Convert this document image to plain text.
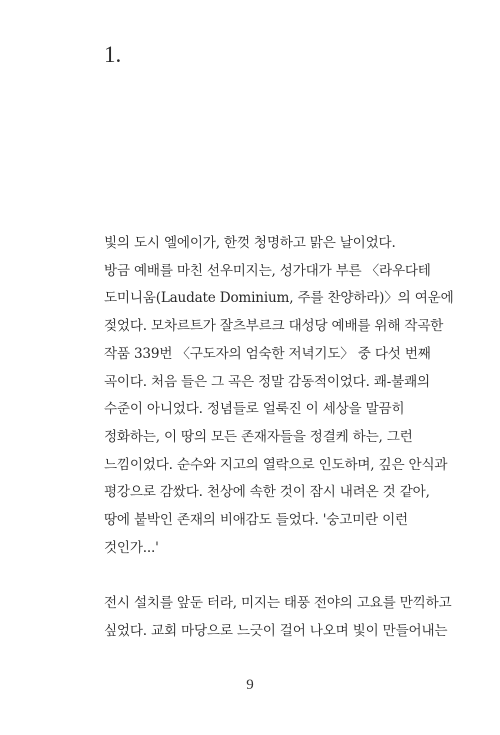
1.
빛의 도시 엘에이가, 한껏 청명하고 맑은 날이었다.
방금 예배를 마친 선우미지는, 성가대가 부른 〈라우다테
도미니움(Laudate Dominium, 주를 찬양하라)〉의 여운에
젖었다. 모차르트가 잘츠부르크 대성당 예배를 위해 작곡한
작품 339번 〈구도자의 엄숙한 저녁기도〉 중 다섯 번째
곡이다. 처음 들은 그 곡은 정말 감동적이었다. 쾌-불쾌의
수준이 아니었다. 정념들로 얼룩진 이 세상을 말끔히
정화하는, 이 땅의 모든 존재자들을 정결케 하는, 그런
느낌이었다. 순수와 지고의 열락으로 인도하며, 깊은 안식과
평강으로 감쌌다. 천상에 속한 것이 잠시 내려온 것 같아,
땅에 붙박인 존재의 비애감도 들었다. '숭고미란 이런
것인가...'
전시 설치를 앞둔 터라, 미지는 태풍 전야의 고요를 만끽하고
싶었다. 교회 마당으로 느긋이 걸어 나오며 빛이 만들어내는
9
